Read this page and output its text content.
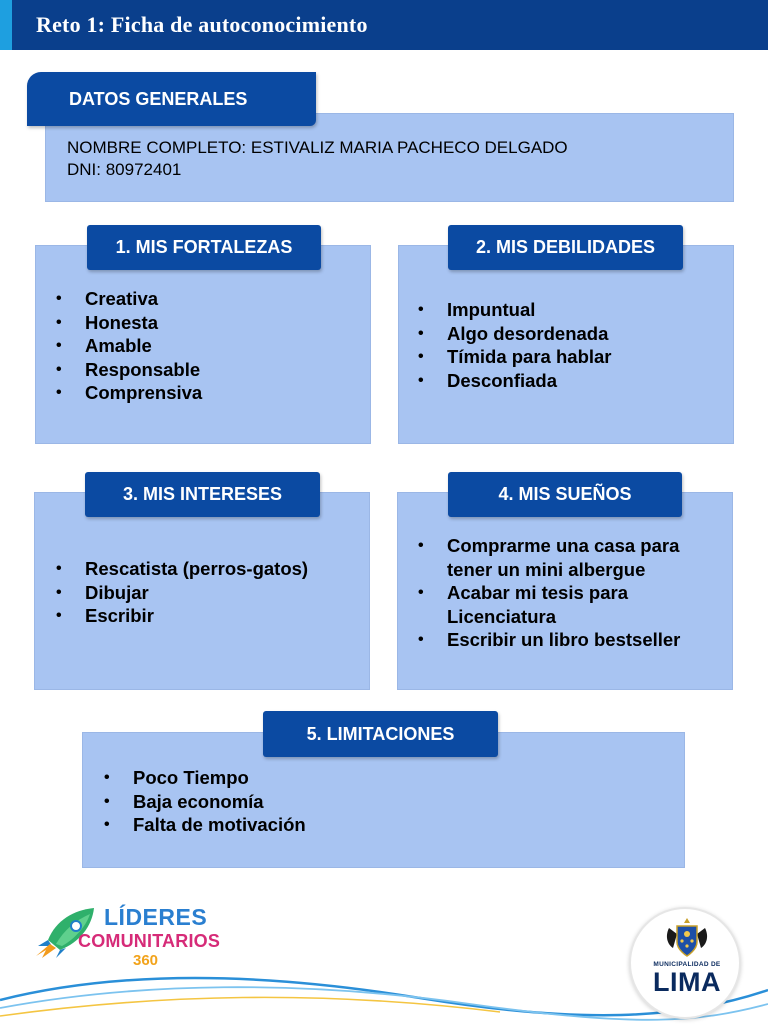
Reto 1: Ficha de autoconocimiento
DATOS GENERALES
NOMBRE COMPLETO: ESTIVALIZ MARIA PACHECO DELGADO
DNI: 80972401
1. MIS FORTALEZAS
• Creativa
• Honesta
• Amable
• Responsable
• Comprensiva
2. MIS DEBILIDADES
• Impuntual
• Algo desordenada
• Tímida para hablar
• Desconfiada
3. MIS INTERESES
• Rescatista (perros-gatos)
• Dibujar
• Escribir
4. MIS SUEÑOS
• Comprarme una casa para tener un mini albergue
• Acabar mi tesis para Licenciatura
• Escribir un libro bestseller
5. LIMITACIONES
• Poco Tiempo
• Baja economía
• Falta de motivación
LÍDERES
COMUNITARIOS
360	MUNICIPALIDAD DE
LIMA
